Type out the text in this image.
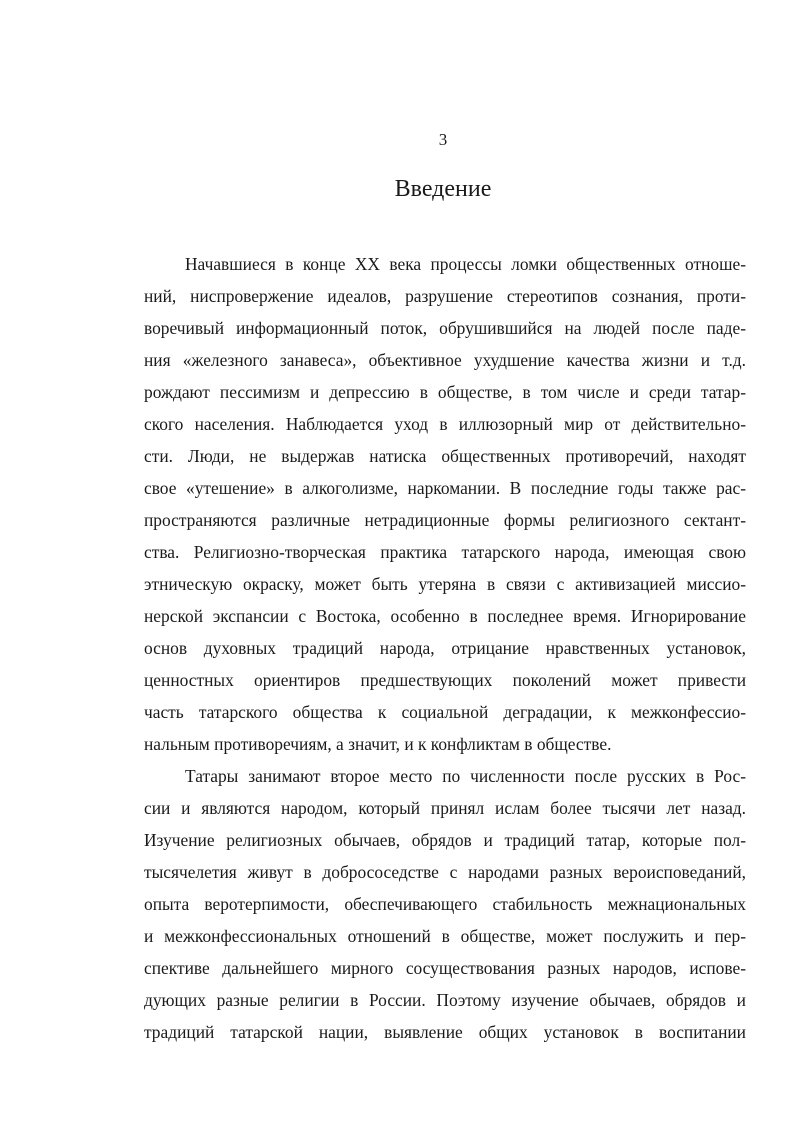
3
Введение
Начавшиеся в конце XX века процессы ломки общественных отноше-
ний, ниспровержение идеалов, разрушение стереотипов сознания, проти-
воречивый информационный поток, обрушившийся на людей после паде-
ния «железного занавеса», объективное ухудшение качества жизни и т.д.
рождают пессимизм и депрессию в обществе, в том числе и среди татар-
ского населения. Наблюдается уход в иллюзорный мир от действительно-
сти. Люди, не выдержав натиска общественных противоречий, находят
свое «утешение» в алкоголизме, наркомании. В последние годы также рас-
пространяются различные нетрадиционные формы религиозного сектант-
ства. Религиозно-творческая практика татарского народа, имеющая свою
этническую окраску, может быть утеряна в связи с активизацией миссио-
нерской экспансии с Востока, особенно в последнее время. Игнорирование
основ духовных традиций народа, отрицание нравственных установок,
ценностных ориентиров предшествующих поколений может привести
часть татарского общества к социальной деградации, к межконфессио-
нальным противоречиям, а значит, и к конфликтам в обществе.
Татары занимают второе место по численности после русских в Рос-
сии и являются народом, который принял ислам более тысячи лет назад.
Изучение религиозных обычаев, обрядов и традиций татар, которые пол-
тысячелетия живут в добрососедстве с народами разных вероисповеданий,
опыта веротерпимости, обеспечивающего стабильность межнациональных
и межконфессиональных отношений в обществе, может послужить и пер-
спективе дальнейшего мирного сосуществования разных народов, испове-
дующих разные религии в России. Поэтому изучение обычаев, обрядов и
традиций татарской нации, выявление общих установок в воспитании
